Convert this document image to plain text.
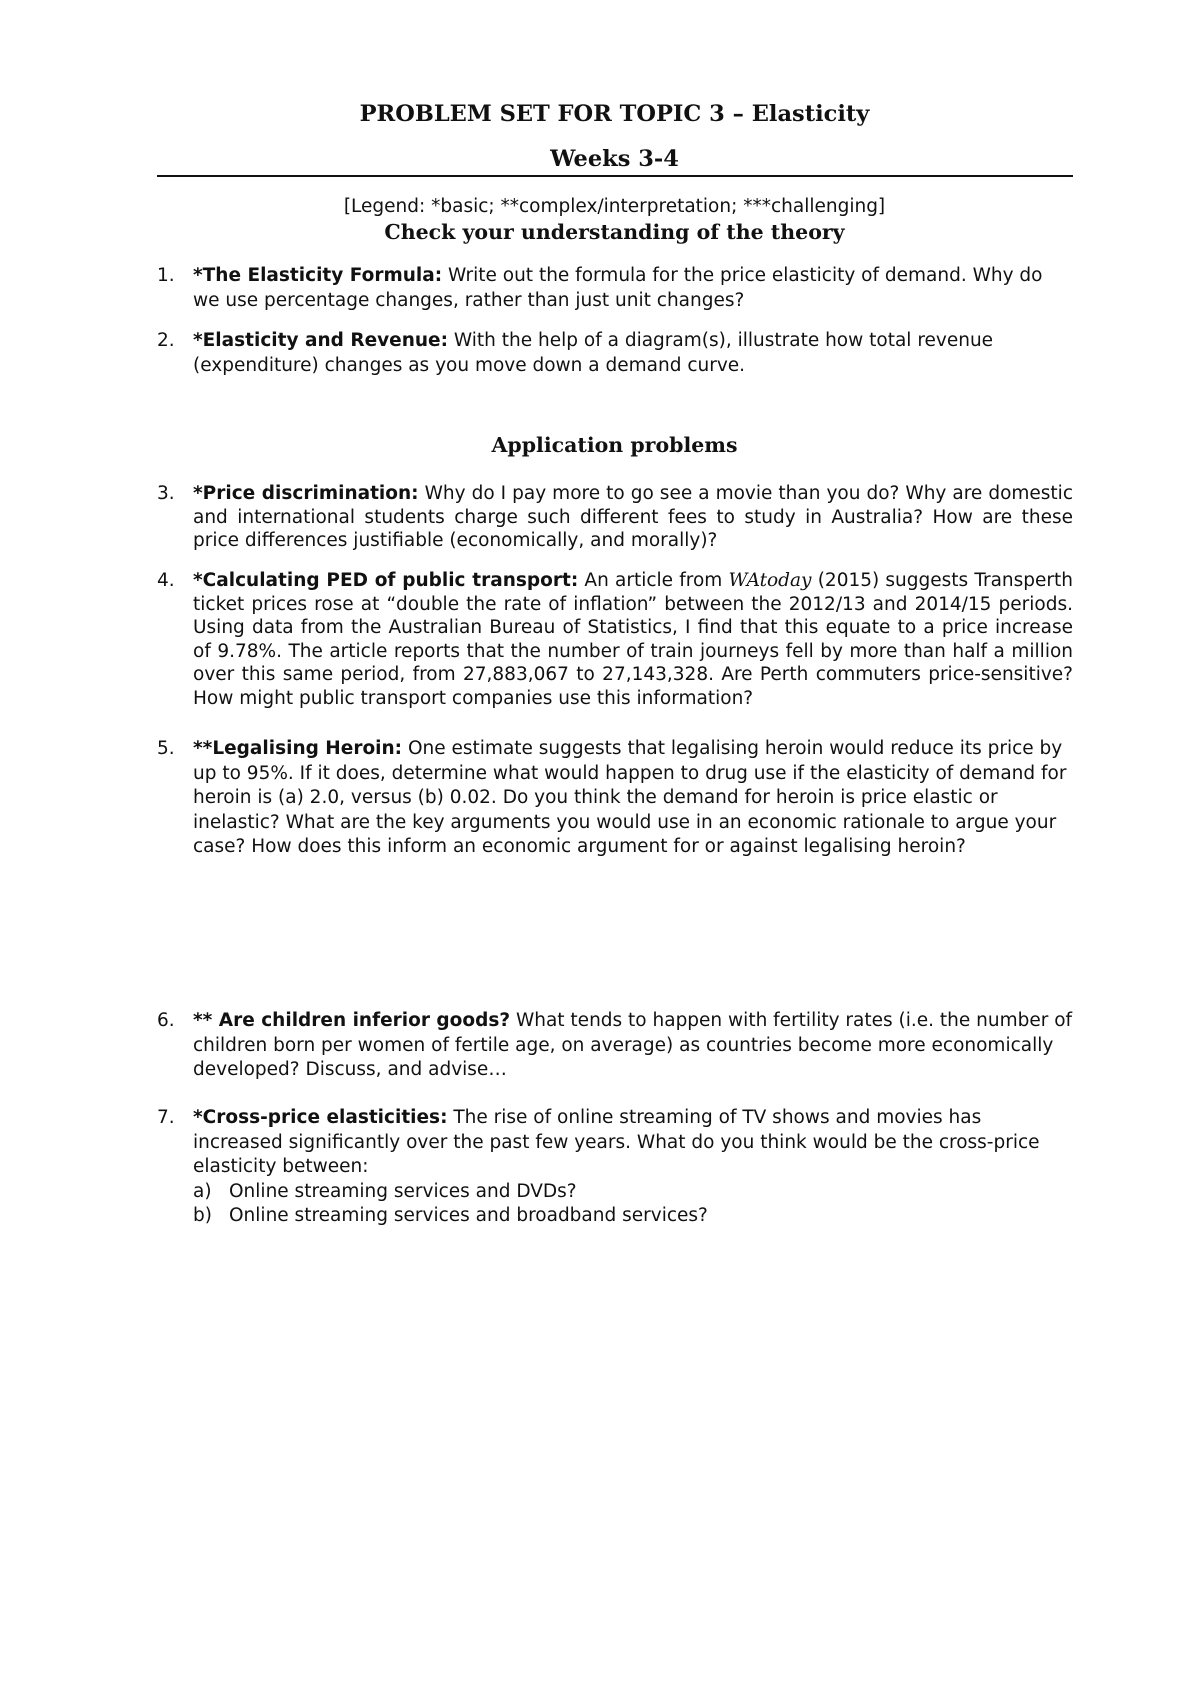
PROBLEM SET FOR TOPIC 3 – Elasticity
Weeks 3-4
[Legend: *basic; **complex/interpretation; ***challenging]
Check your understanding of the theory
1. *The Elasticity Formula: Write out the formula for the price elasticity of demand. Why do we use percentage changes, rather than just unit changes?
2. *Elasticity and Revenue: With the help of a diagram(s), illustrate how total revenue (expenditure) changes as you move down a demand curve.
Application problems
3. *Price discrimination: Why do I pay more to go see a movie than you do? Why are domestic and international students charge such different fees to study in Australia? How are these price differences justifiable (economically, and morally)?
4. *Calculating PED of public transport: An article from WAtoday (2015) suggests Transperth ticket prices rose at “double the rate of inflation” between the 2012/13 and 2014/15 periods. Using data from the Australian Bureau of Statistics, I find that this equate to a price increase of 9.78%. The article reports that the number of train journeys fell by more than half a million over this same period, from 27,883,067 to 27,143,328. Are Perth commuters price-sensitive? How might public transport companies use this information?
5. **Legalising Heroin: One estimate suggests that legalising heroin would reduce its price by up to 95%. If it does, determine what would happen to drug use if the elasticity of demand for heroin is (a) 2.0, versus (b) 0.02. Do you think the demand for heroin is price elastic or inelastic? What are the key arguments you would use in an economic rationale to argue your case? How does this inform an economic argument for or against legalising heroin?
6. ** Are children inferior goods? What tends to happen with fertility rates (i.e. the number of children born per women of fertile age, on average) as countries become more economically developed? Discuss, and advise…
7. *Cross-price elasticities: The rise of online streaming of TV shows and movies has increased significantly over the past few years. What do you think would be the cross-price elasticity between:
a) Online streaming services and DVDs?
b) Online streaming services and broadband services?
